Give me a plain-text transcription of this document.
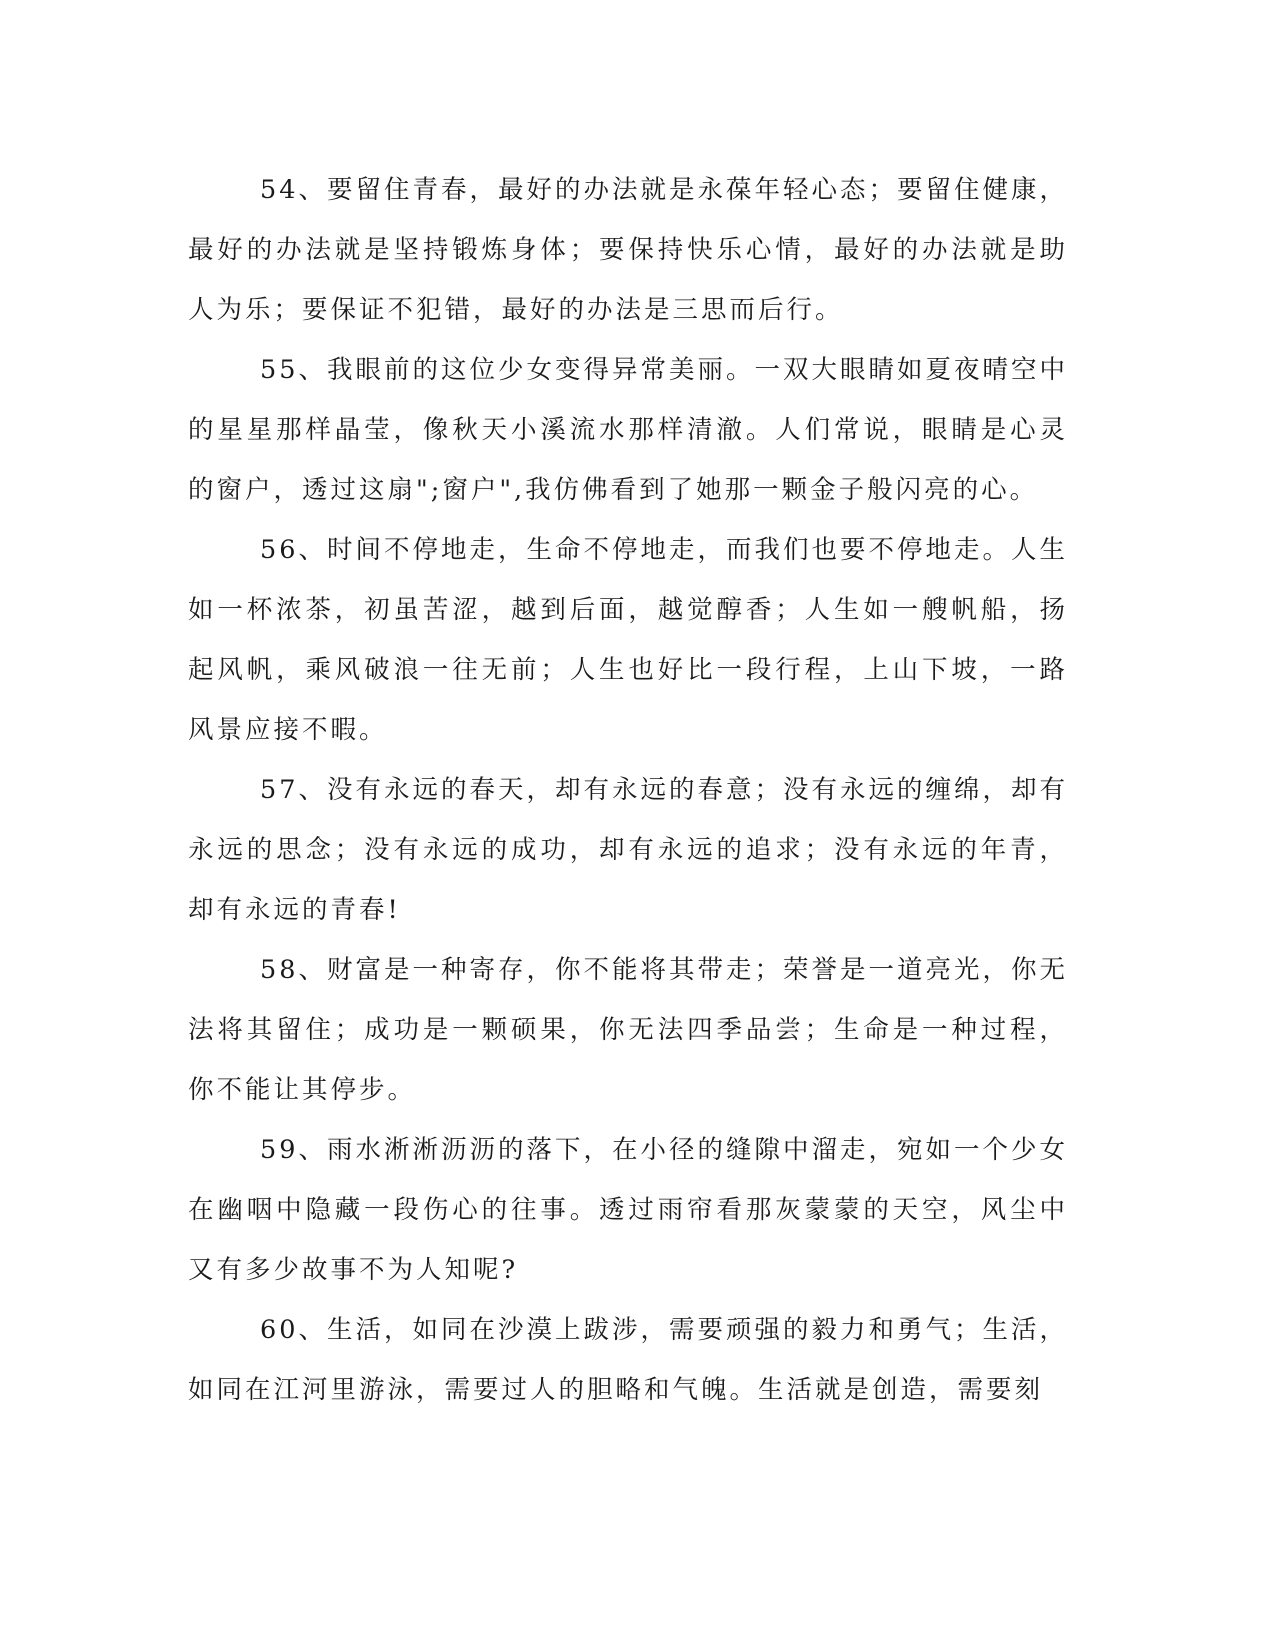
54、要留住青春，最好的办法就是永葆年轻心态；要留住健康，最好的办法就是坚持锻炼身体；要保持快乐心情，最好的办法就是助人为乐；要保证不犯错，最好的办法是三思而后行。

55、我眼前的这位少女变得异常美丽。一双大眼睛如夏夜晴空中的星星那样晶莹，像秋天小溪流水那样清澈。人们常说，眼睛是心灵的窗户，透过这扇";窗户",我仿佛看到了她那一颗金子般闪亮的心。

56、时间不停地走，生命不停地走，而我们也要不停地走。人生如一杯浓茶，初虽苦涩，越到后面，越觉醇香；人生如一艘帆船，扬起风帆，乘风破浪一往无前；人生也好比一段行程，上山下坡，一路风景应接不暇。

57、没有永远的春天，却有永远的春意；没有永远的缠绵，却有永远的思念；没有永远的成功，却有永远的追求；没有永远的年青，却有永远的青春!

58、财富是一种寄存，你不能将其带走；荣誉是一道亮光，你无法将其留住；成功是一颗硕果，你无法四季品尝；生命是一种过程，你不能让其停步。

59、雨水淅淅沥沥的落下，在小径的缝隙中溜走，宛如一个少女在幽咽中隐藏一段伤心的往事。透过雨帘看那灰蒙蒙的天空，风尘中又有多少故事不为人知呢?

60、生活，如同在沙漠上跋涉，需要顽强的毅力和勇气；生活，如同在江河里游泳，需要过人的胆略和气魄。生活就是创造，需要刻
